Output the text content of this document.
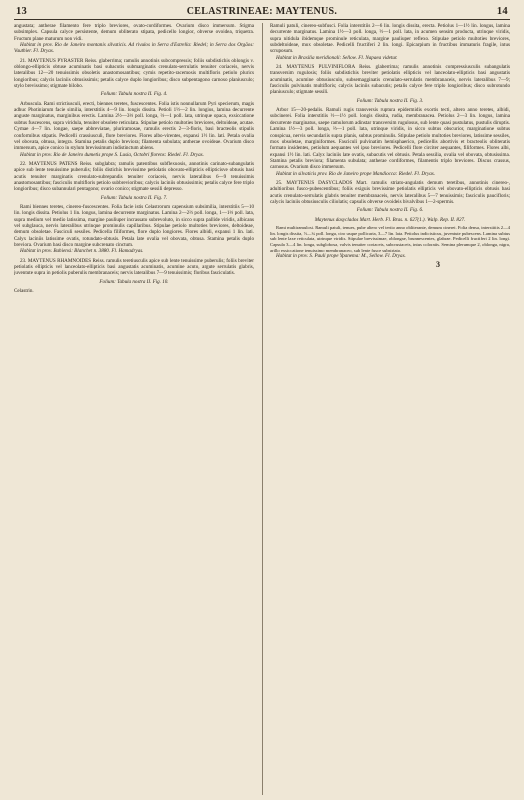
13	CELASTRINEAE: MAYTENUS.	14

angustata; antherae filamento fere triplo breviores, ovato-cordiformes. Ovarium disco immersum. Stigma subsimplex. Capsula calyce persistente, demum obliterato stipata, pedicello longior, obverse ovoidea, triquetra. Fructum plane maturum non vidi.

Habitat in prov. Rio de Janeiro montanis silvaticis. Ad rivulos in Serra d'Estrella: Riedel; in Serra dos Orgãos: Vauthier. Fl. Dryas.

21. MAYTENUS PYRASTER Reiss. glaberrima; ramulis annotinis subcompressis; foliis subdistichis oblongis v. oblongo-ellipticis obtuse acuminatis basi subacutis submarginatis crenulato-serrulatis tenuiter coriaceis, nervis lateralibus 12—20 tenuissimis obsoletis anastomosantibus; cymis repetito-racemosis multifloris petiolo plurics longioribus; calycis laciniis obtusissimis; petalis calyce duplo longioribus; disco subpentagono carnoso planiusculo; stylo brevissimo; stigmate bilobo.

Folium: Tabula nostra II. Fig. 4.

Arbuscula. Rami strictiusculi, erecti, biennes teretes, fuscescentes. Folia istis nonnullarum Pyri specierum, magis adhuc Photiniarum facie similia, interstitiis 4—9 lin. longis dissita. Petioli 1½—2 lin. longius, lamina decurrente anguste marginatus, marginibus erectis. Lamina 2½—3⅓ poll. longa, ⅔—1 poll. lata, utrinque opaca, exsiccatione subtus fuscescens, supra viridula, tenuiter obsolete reticulata. Stipulae petiolo multoties breviores, deltoideae, acutae. Cymae 4—7 lin. longae, saepe abbreviatae, pluriramosae, ramulis erectis 2—3-floris, basi bracteolis stipulis conformibus stipatis. Pedicelli crassiusculi, flore breviores. Flores albo-virentes, expansi 1½ lin. lati. Petala ovalia vel obovata, obtusa, integra. Stamina petalis duplo breviora; filamenta subulata; antherae ovoideae. Ovarium disco immersum, apice conico in stylum brevissimum indistinctum abiens.

Habitat in prov. Rio de Janeiro dumetis prope S. Lusia, Octobri florens: Riedel. Fl. Dryas.

22. MAYTENUS PATENS Reiss. subglabra; ramulis patentibus subflexuosis, annotinis carinato-subangulatis apice sub lente tenuissime puberulis; foliis distichis brevissime petiolatis obovato-ellipticis ellipticisve obtusis basi acutis tenuiter marginatis crenulato-subrepandis tenuiter coriaceis, nervis lateralibus 6—9 tenuissimis anastomosantibus; fasciculis multifloris petiolo subbrevioribus; calycis laciniis obtusissimis; petalis calyce fere triplo longioribus; disco subannulari pentagono; ovario conico; stigmate sessili depresso.

Folium: Tabula nostra II. Fig. 7.

Rami biennes teretes, cinereo-fuscescentes. Folia facie istis Celastrorum capensium subsimilia, interstitiis 5—10 lin. longis dissita. Petiolus 1 lin. longus, lamina decurrente marginatus. Lamina 2—2⅔ poll. longa, 1—1⅓ poll. lata, supra medium vel medio latissima, margine pauliuper incrassato subrevoluto, in sicco supra pallide viridis, albicans vel subglauca, nervis lateralibus utrinque prominulis capillaribus. Stipulae petiolo multoties breviores, deltoideae, demum obsoletae. Fasciculi sessiles. Pedicella filiformes, flore duplo longiores. Flores albidi, expansi 1 lin. lati. Calyx laciniis latissime ovatis, rotundato-obtusis. Petala late ovalia vel obovata, obtusa. Stamina petalis duplo breviora. Ovarium basi disco margine subcrenato cinctum.

Habitat in prov. Bahiensi: Blanchet n. 3880. Fl. Hamadryas.

23. MAYTENUS RHAMNOIDES Reiss. ramulis teretiusculis apice sub lente tenuissime puberulis; foliis breviter petiolatis ellipticis vel lanceolato-ellipticis basi angustatis acuminatis, acumine acuto, argute serrulatis glabris, juventute supra in petiolis puberulis membranaceis; nervis lateralibus 7—9 tenuissimis; floribus fasciculatis.

Folium: Tabula nostra II. Fig. 10.

Celastrin.

Ramuli patuli, cinereo-subfusci. Folia interstitiis 2—6 lin. longis dissita, erecta. Petiolus 1—1½ lin. longus, lamina decurrente marginatus. Lamina 1½—3 poll. longa, ½—1 poll. lata, in acumen sensim producta, utrinque viridis, supra nitidula ibidemque prominule reticulata, margine pauliuper reflexo. Stipulae petiolo multoties breviores, subdeltoideae, mox obsoletae. Pedicelli fructiferi 2 lin. longi. Epicarpium in fructibus immaturis fragile, intus scruposum.

Habitat in Brasilia meridionali: Sellow. Fl. Napaea videtur.

24. MAYTENUS PULVINIFLORA Reiss. glaberrima; ramulis annotinis compressiusculis subangulatis transversim rugulosis; foliis subdistichis breviter petiolatis ellipticis vel lanceolato-ellipticis basi angustatis acuminatis, acumine obtusiusculo, subsemagginatis crenulato-serrulatis membranaceis, nervis lateralibus 7—9; fasciculis pulvinatis multifloris; calycis laciniis subacutis; petalis calyce fere triplo longioribus; disco subrotundo planiusculo; stigmate sessili.

Folium: Tabula nostra II. Fig. 3.

Arbor 15—20-pedalis. Ramuli rugis transversis ruptura epidermidis exortis tecti, altero anno teretes, albidi, subcinerei. Folia interstitiis ½—1½ poll. longis dissita, rudia, membranacea. Petiolus 2—3 lin. longus, lamina decurrente marginatus, saepe ramulorum adinstar transversim rugulosus, sub lente quasi pustulatus, pustulis diruptis. Lamina 1½—3 poll. longa, ⅔—1 poll. lata, utrinque viridis, in sicco subtus obscurior, marginatione subtus conspicua, nervis secundariis supra planis, subtus prominulis. Stipulae petiolo multoties breviores, latissime sessiles, mox obsoletae, marginiformes. Fasciculi pulvinatim hemisphaerico, pedicellis abortivis et bracteolis obliteratis formato insidentes, petiolum aequantes vel ipso breviores. Pedicelli flore circiter aequantes, filiformes. Flores albi, expansi 1½ lin. lati. Calyx laciniis late ovatis, subacutis vel obtusis. Petala sessilia, ovalia vel obovata, obtusissima. Stamina petalis breviora; filamenta subulata; antherae cordiformes, filamentis triplo breviores. Discus crassus, carnosus. Ovarium disco immersum.

Habitat in silvaticis prov. Rio de Janeiro prope Mandiocca: Riedel. Fl. Dryas.

25. MAYTENUS DASYCLADOS Mart. ramulis striato-angulatis demum teretibus, annotinis cinereo-, adultioribus fusco-pubescentibus; foliis exiguis brevissime petiolatis ellipticis vel obovato-ellipticis obtusis basi acutis crenulato-serrulatis glabris tenuiter membranaceis, nervis lateralibus 5—7 tenuissimis; fasciculis paucifloris; calycis laciniis obtusiusculis ciliolatis; capsulis obverse ovoideis bivalvibus 1—2-spermis.

Folium: Tabula nostra II. Fig. 6.

Maytenus dasyclados Mart. Herb. Fl. Bras. n. 627(1.). Walp. Rep. II. 827.

Rami multiramulosi. Ramuli patuli, tenues, pube altero vel tertio anno obliterante, demum cinerei. Folia densa, interstitiis 2—4 lin. longis dissita, ⅓—¾ poll. longa, ciro usque pollicaria, 3—7 lin. lata. Petiolus indicisticus, juventute pubescens. Lamina subtus sub lente laxe reticulata, utrinque viridis. Stipulae brevissimae, oblongae, brunnescentes, glabrae. Pedicelli fructiferi 2 lin. longi. Capsula 3—4 lin. longa, subglobosa, valvis tenuiter coriaceis, subcrustaceis, intus coloratis. Semina plerumque 2, oblonga, nigra, arillo exsiccatione tenuissimo membranaceo, sub lente fusce substriato.

Habitat in prov. S. Pauli prope Ypanema: M., Sellow. Fl. Dryas.

3
